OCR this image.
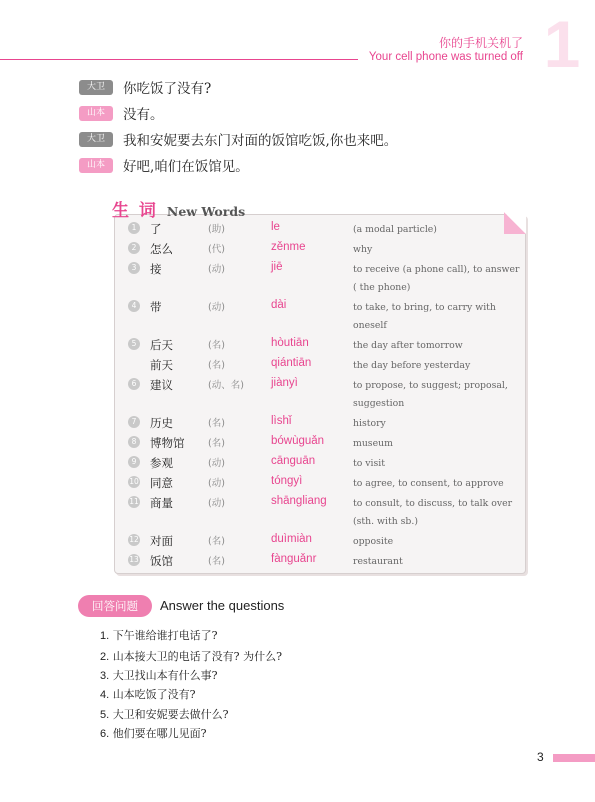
1
你的手机关机了
Your cell phone was turned off
大卫	你吃饭了没有?
山本	没有。
大卫	我和安妮要去东门对面的饭馆吃饭,你也来吧。
山本	好吧,咱们在饭馆见。
生 词 New Words
1	了	(助)	le	(a modal particle)
2	怎么	(代)	zěnme	why
3	接	(动)	jiē	to receive (a phone call), to answer ( the phone)
4	带	(动)	dài	to take, to bring, to carry with oneself
5	后天	(名)	hòutiān	the day after tomorrow
前天	(名)	qiántiān	the day before yesterday
6	建议	(动、名)	jiànyì	to propose, to suggest; proposal, suggestion
7	历史	(名)	lìshǐ	history
8	博物馆	(名)	bówùguǎn	museum
9	参观	(动)	cānguān	to visit
10 同意	(动)	tóngyì	to agree, to consent, to approve
11 商量	(动)	shāngliang	to consult, to discuss, to talk over (sth. with sb.)
12 对面	(名)	duìmiàn	opposite
13 饭馆	(名)	fànguǎnr	restaurant
回答问题	Answer the questions
1. 下午谁给谁打电话了?
2. 山本接大卫的电话了没有? 为什么?
3. 大卫找山本有什么事?
4. 山本吃饭了没有?
5. 大卫和安妮要去做什么?
6. 他们要在哪儿见面?
3
